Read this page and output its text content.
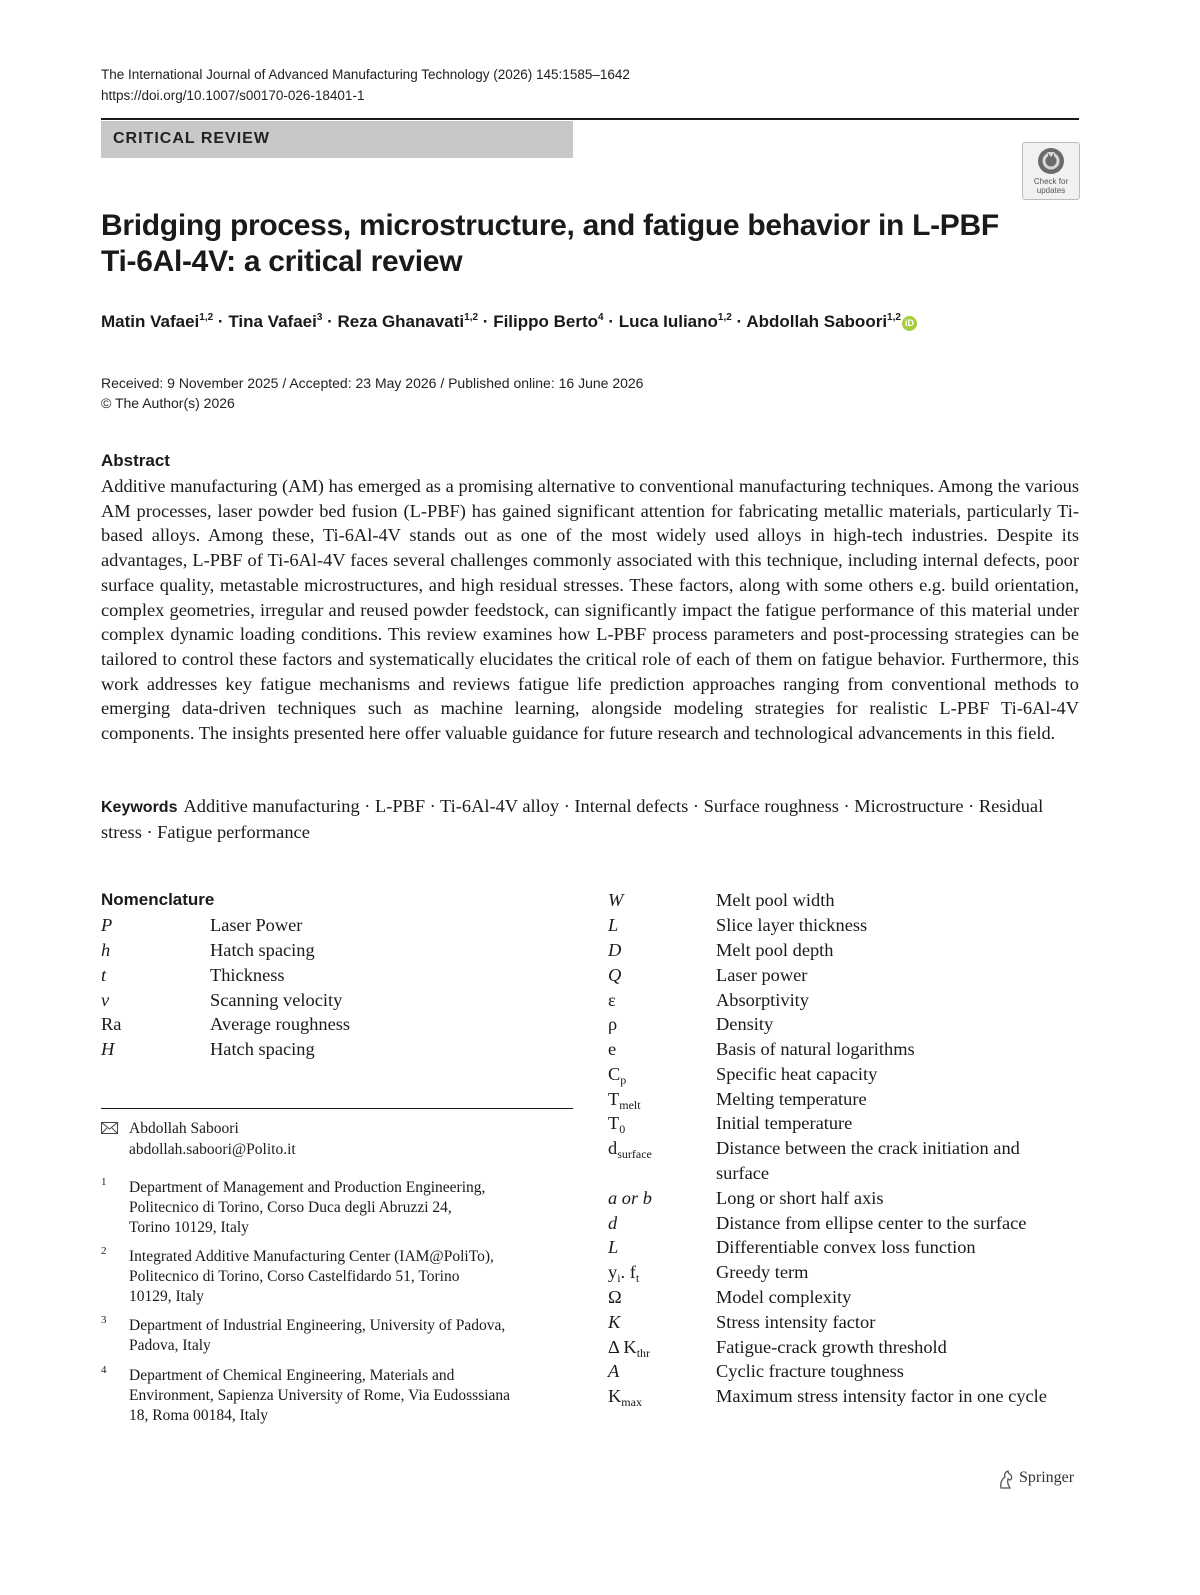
The International Journal of Advanced Manufacturing Technology (2026) 145:1585–1642
https://doi.org/10.1007/s00170-026-18401-1
CRITICAL REVIEW
Check for
updates
Bridging process, microstructure, and fatigue behavior in L-PBF Ti-6Al-4V: a critical review
Matin Vafaei$^{1,2}$ · Tina Vafaei$^3$ · Reza Ghanavati$^{1,2}$ · Filippo Berto$^4$ · Luca Iuliano$^{1,2}$ · Abdollah Saboori$^{1,2}$ iD
Received: 9 November 2025 / Accepted: 23 May 2026 / Published online: 16 June 2026
© The Author(s) 2026
Abstract
Additive manufacturing (AM) has emerged as a promising alternative to conventional manufacturing techniques. Among the various AM processes, laser powder bed fusion (L-PBF) has gained significant attention for fabricating metallic materials, particularly Ti-based alloys. Among these, Ti-6Al-4V stands out as one of the most widely used alloys in high-tech industries. Despite its advantages, L-PBF of Ti-6Al-4V faces several challenges commonly associated with this technique, including internal defects, poor surface quality, metastable microstructures, and high residual stresses. These factors, along with some others e.g. build orientation, complex geometries, irregular and reused powder feedstock, can significantly impact the fatigue performance of this material under complex dynamic loading conditions. This review examines how L-PBF process parameters and post-processing strategies can be tailored to control these factors and systematically elucidates the critical role of each of them on fatigue behavior. Furthermore, this work addresses key fatigue mechanisms and reviews fatigue life prediction approaches ranging from conventional methods to emerging data-driven techniques such as machine learning, alongside modeling strategies for realistic L-PBF Ti-6Al-4V components. The insights presented here offer valuable guidance for future research and technological advancements in this field.
Keywords Additive manufacturing · L-PBF · Ti-6Al-4V alloy · Internal defects · Surface roughness · Microstructure · Residual stress · Fatigue performance
Nomenclature
P	Laser Power
h	Hatch spacing
t	Thickness
v	Scanning velocity
Ra	Average roughness
H	Hatch spacing
W	Melt pool width
L	Slice layer thickness
D	Melt pool depth
Q	Laser power
ε	Absorptivity
ρ	Density
e	Basis of natural logarithms
$C_p$	Specific heat capacity
$T_{melt}$	Melting temperature
$T_0$	Initial temperature
$d_{surface}$	Distance between the crack initiation and
surface
a or b	Long or short half axis
d	Distance from ellipse center to the surface
L	Differentiable convex loss function
$y_i$. $f_t$	Greedy term
Ω	Model complexity
K	Stress intensity factor
Δ $K_{thr}$	Fatigue-crack growth threshold
A	Cyclic fracture toughness
$K_{max}$	Maximum stress intensity factor in one cycle
Abdollah Saboori
abdollah.saboori@Polito.it
1 Department of Management and Production Engineering,
Politecnico di Torino, Corso Duca degli Abruzzi 24,
Torino 10129, Italy
2 Integrated Additive Manufacturing Center (IAM@PoliTo),
Politecnico di Torino, Corso Castelfidardo 51, Torino
10129, Italy
3 Department of Industrial Engineering, University of Padova,
Padova, Italy
4 Department of Chemical Engineering, Materials and
Environment, Sapienza University of Rome, Via Eudosssiana
18, Roma 00184, Italy
Springer
